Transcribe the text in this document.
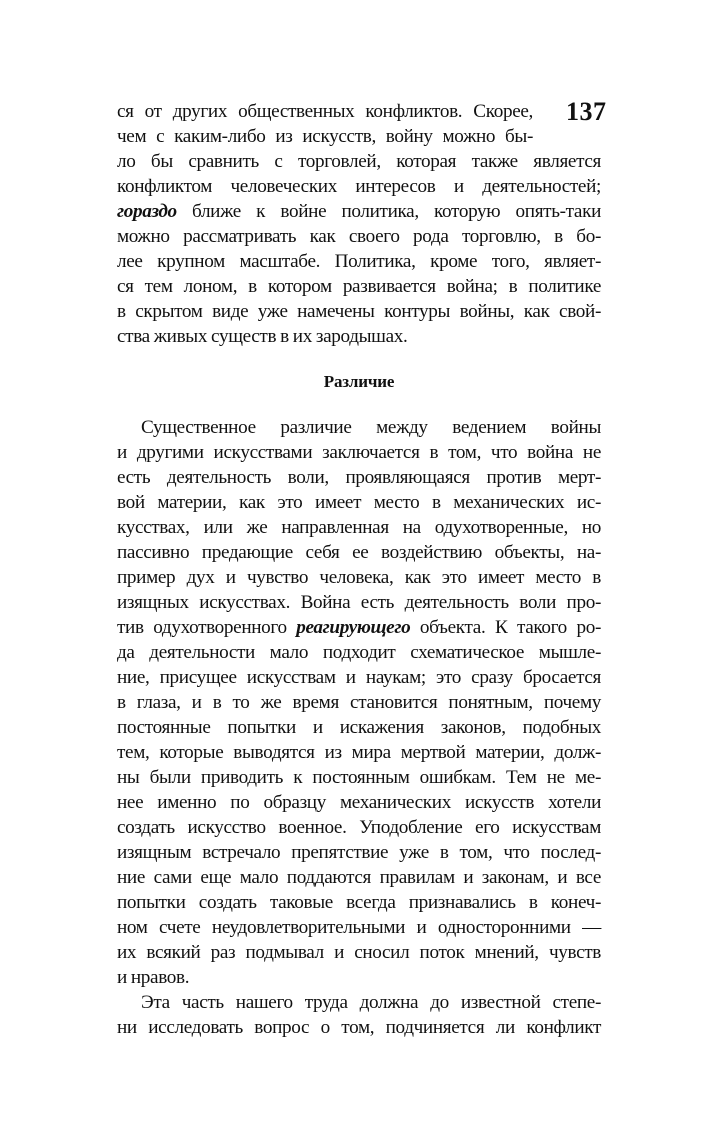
137
ся от других общественных конфликтов. Скорее,
чем с каким-либо из искусств, войну можно бы-
ло бы сравнить с торговлей, которая также является
конфликтом человеческих интересов и деятельностей;
гораздо ближе к войне политика, которую опять-таки
можно рассматривать как своего рода торговлю, в бо-
лее крупном масштабе. Политика, кроме того, являет-
ся тем лоном, в котором развивается война; в политике
в скрытом виде уже намечены контуры войны, как свой-
ства живых существ в их зародышах.
Различие
Существенное различие между ведением войны
и другими искусствами заключается в том, что война не
есть деятельность воли, проявляющаяся против мерт-
вой материи, как это имеет место в механических ис-
кусствах, или же направленная на одухотворенные, но
пассивно предающие себя ее воздействию объекты, на-
пример дух и чувство человека, как это имеет место в
изящных искусствах. Война есть деятельность воли про-
тив одухотворенного реагирующего объекта. К такого ро-
да деятельности мало подходит схематическое мышле-
ние, присущее искусствам и наукам; это сразу бросается
в глаза, и в то же время становится понятным, почему
постоянные попытки и искажения законов, подобных
тем, которые выводятся из мира мертвой материи, долж-
ны были приводить к постоянным ошибкам. Тем не ме-
нее именно по образцу механических искусств хотели
создать искусство военное. Уподобление его искусствам
изящным встречало препятствие уже в том, что послед-
ние сами еще мало поддаются правилам и законам, и все
попытки создать таковые всегда признавались в конеч-
ном счете неудовлетворительными и односторонними —
их всякий раз подмывал и сносил поток мнений, чувств
и нравов.
Эта часть нашего труда должна до известной степе-
ни исследовать вопрос о том, подчиняется ли конфликт
